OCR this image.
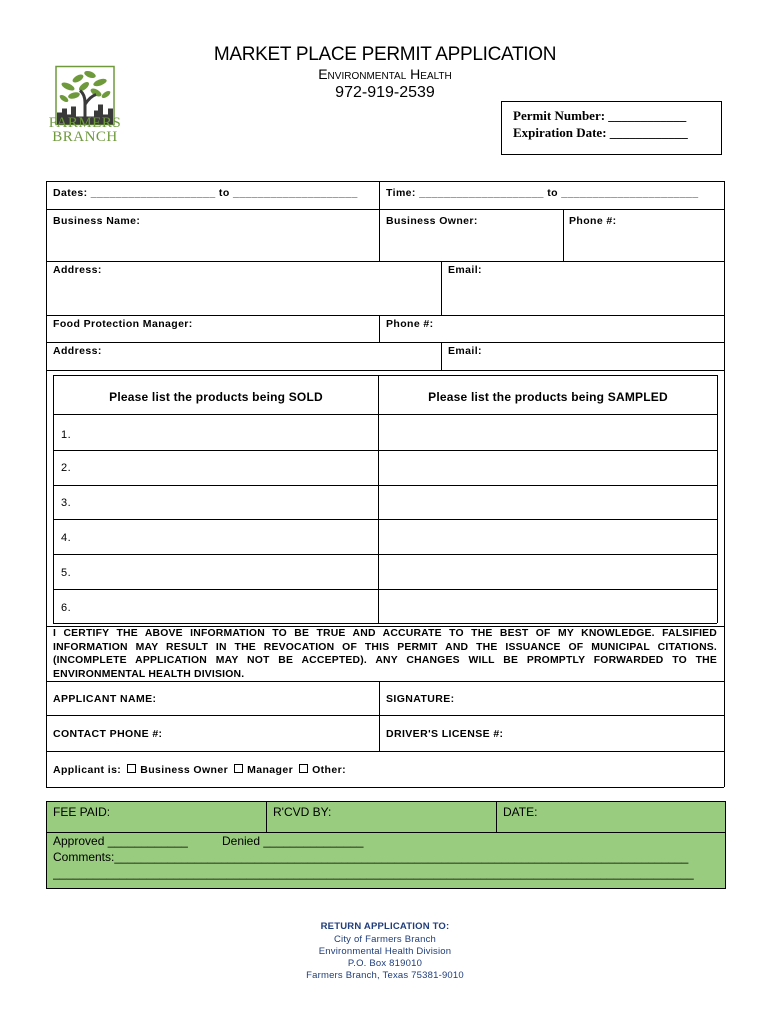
FARMERS
BRANCH
MARKET PLACE PERMIT APPLICATION
Environmental Health
972-919-2539
Permit Number: ____________
Expiration Date: ____________
Dates: ____________________ to ____________________	Time: ____________________ to ______________________
Business Name:	Business Owner:	Phone #:
Address:	Email:
Food Protection Manager:	Phone #:
Address:	Email:
Please list the products being SOLD	Please list the products being SAMPLED
1.
2.
3.
4.
5.
6.
I CERTIFY THE ABOVE INFORMATION TO BE TRUE AND ACCURATE TO THE BEST OF MY KNOWLEDGE. FALSIFIED INFORMATION MAY RESULT IN THE REVOCATION OF THIS PERMIT AND THE ISSUANCE OF MUNICIPAL CITATIONS. (INCOMPLETE APPLICATION MAY NOT BE ACCEPTED). ANY CHANGES WILL BE PROMPTLY FORWARDED TO THE ENVIRONMENTAL HEALTH DIVISION.
APPLICANT NAME:	SIGNATURE:
CONTACT PHONE #:	DRIVER'S LICENSE #:
Applicant is: Business Owner Manager Other:
FEE PAID:	R'CVD BY:	DATE:
Approved ____________	Denied _______________
Comments:______________________________________________________________________________________
________________________________________________________________________________________________
RETURN APPLICATION TO:
City of Farmers Branch
Environmental Health Division
P.O. Box 819010
Farmers Branch, Texas 75381-9010
